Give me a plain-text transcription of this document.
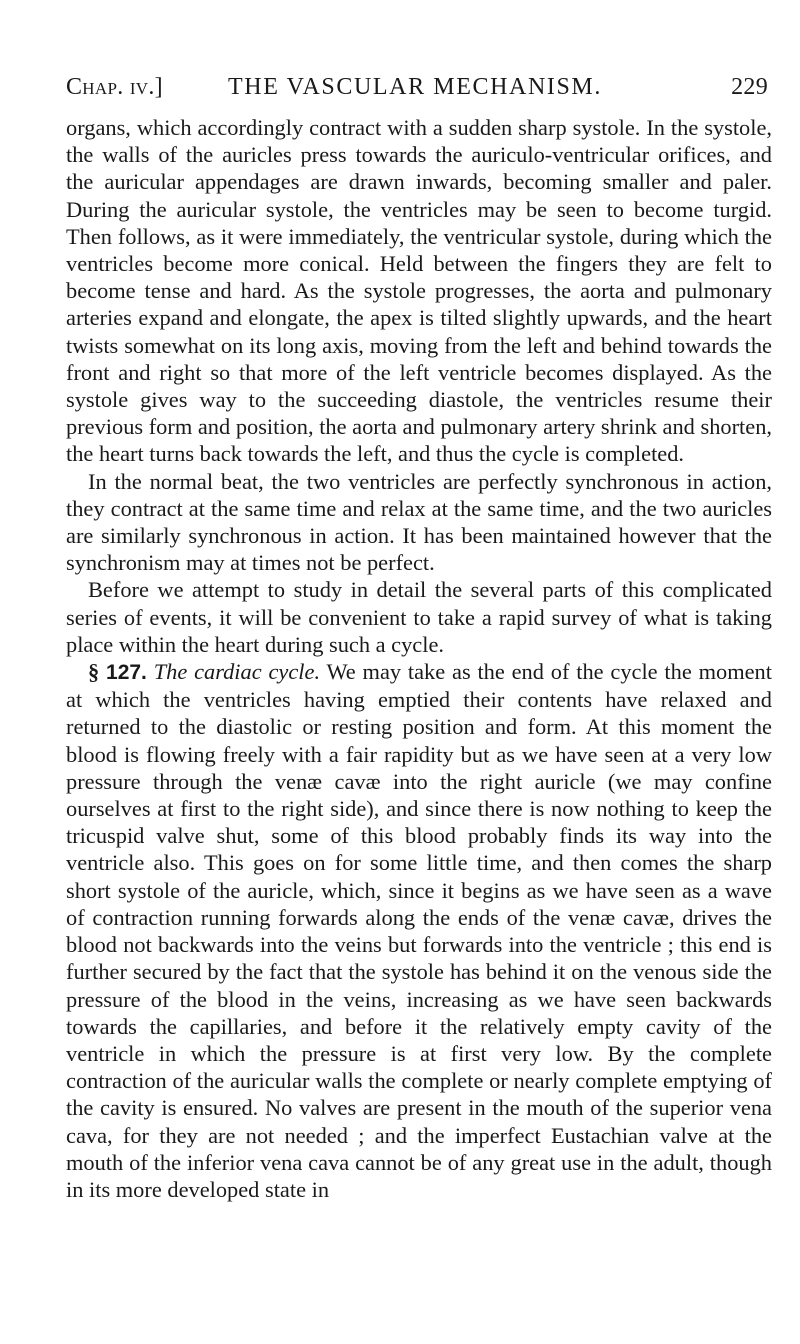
Chap. iv.]	THE VASCULAR MECHANISM.	229

organs, which accordingly contract with a sudden sharp systole. In the systole, the walls of the auricles press towards the auriculo-ventricular orifices, and the auricular appendages are drawn inwards, becoming smaller and paler. During the auricular systole, the ventricles may be seen to become turgid. Then follows, as it were immediately, the ventricular systole, during which the ventricles become more conical. Held between the fingers they are felt to become tense and hard. As the systole progresses, the aorta and pulmonary arteries expand and elongate, the apex is tilted slightly upwards, and the heart twists somewhat on its long axis, moving from the left and behind towards the front and right so that more of the left ventricle becomes displayed. As the systole gives way to the succeeding diastole, the ventricles resume their previous form and position, the aorta and pulmonary artery shrink and shorten, the heart turns back towards the left, and thus the cycle is completed.

In the normal beat, the two ventricles are perfectly synchronous in action, they contract at the same time and relax at the same time, and the two auricles are similarly synchronous in action. It has been maintained however that the synchronism may at times not be perfect.

Before we attempt to study in detail the several parts of this complicated series of events, it will be convenient to take a rapid survey of what is taking place within the heart during such a cycle.

§ 127. The cardiac cycle. We may take as the end of the cycle the moment at which the ventricles having emptied their contents have relaxed and returned to the diastolic or resting position and form. At this moment the blood is flowing freely with a fair rapidity but as we have seen at a very low pressure through the venæ cavæ into the right auricle (we may confine ourselves at first to the right side), and since there is now nothing to keep the tricuspid valve shut, some of this blood probably finds its way into the ventricle also. This goes on for some little time, and then comes the sharp short systole of the auricle, which, since it begins as we have seen as a wave of contraction running forwards along the ends of the venæ cavæ, drives the blood not backwards into the veins but forwards into the ventricle ; this end is further secured by the fact that the systole has behind it on the venous side the pressure of the blood in the veins, increasing as we have seen backwards towards the capillaries, and before it the relatively empty cavity of the ventricle in which the pressure is at first very low. By the complete contraction of the auricular walls the complete or nearly complete emptying of the cavity is ensured. No valves are present in the mouth of the superior vena cava, for they are not needed ; and the imperfect Eustachian valve at the mouth of the inferior vena cava cannot be of any great use in the adult, though in its more developed state in
